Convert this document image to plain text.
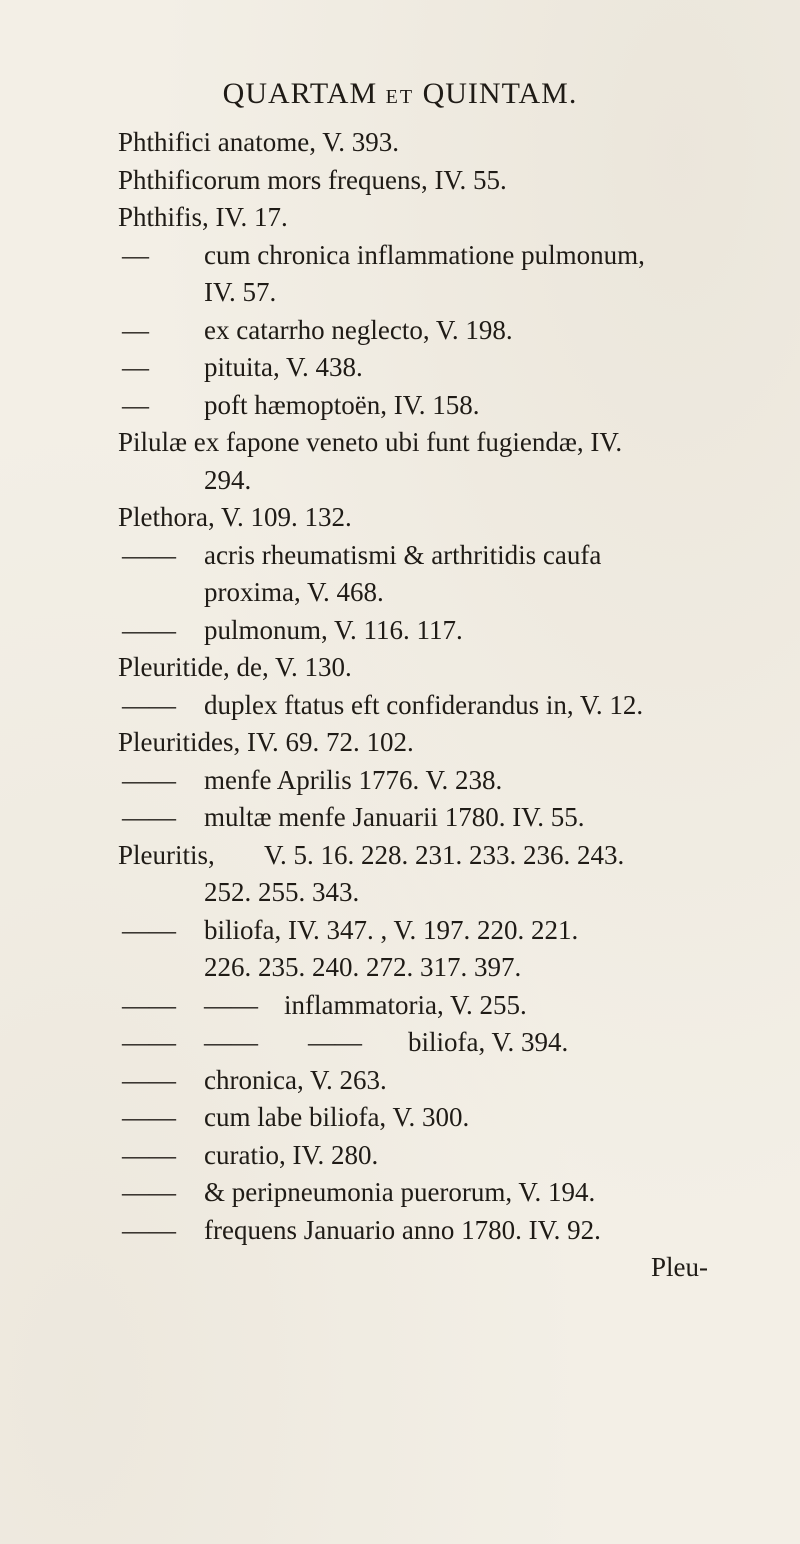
QUARTAM ET QUINTAM.
Phthifici anatome, V. 393.
Phthificorum mors frequens, IV. 55.
Phthifis, IV. 17.
— cum chronica inflammatione pulmonum,
IV. 57.
— ex catarrho neglecto, V. 198.
— pituita, V. 438.
— poft hæmoptoën, IV. 158.
Pilulæ ex fapone veneto ubi funt fugiendæ, IV.
294.
Plethora, V. 109. 132.
—— acris rheumatismi & arthritidis caufa
proxima, V. 468.
—— pulmonum, V. 116. 117.
Pleuritide, de, V. 130.
—— duplex ftatus eft confiderandus in, V. 12.
Pleuritides, IV. 69. 72. 102.
—— menfe Aprilis 1776. V. 238.
—— multæ menfe Januarii 1780. IV. 55.
Pleuritis, V. 5. 16. 228. 231. 233. 236. 243.
252. 255. 343.
—— biliofa, IV. 347. , V. 197. 220. 221.
226. 235. 240. 272. 317. 397.
—— —— inflammatoria, V. 255.
—— —— —— biliofa, V. 394.
—— chronica, V. 263.
—— cum labe biliofa, V. 300.
—— curatio, IV. 280.
—— & peripneumonia puerorum, V. 194.
—— frequens Januario anno 1780. IV. 92.
Pleu-
